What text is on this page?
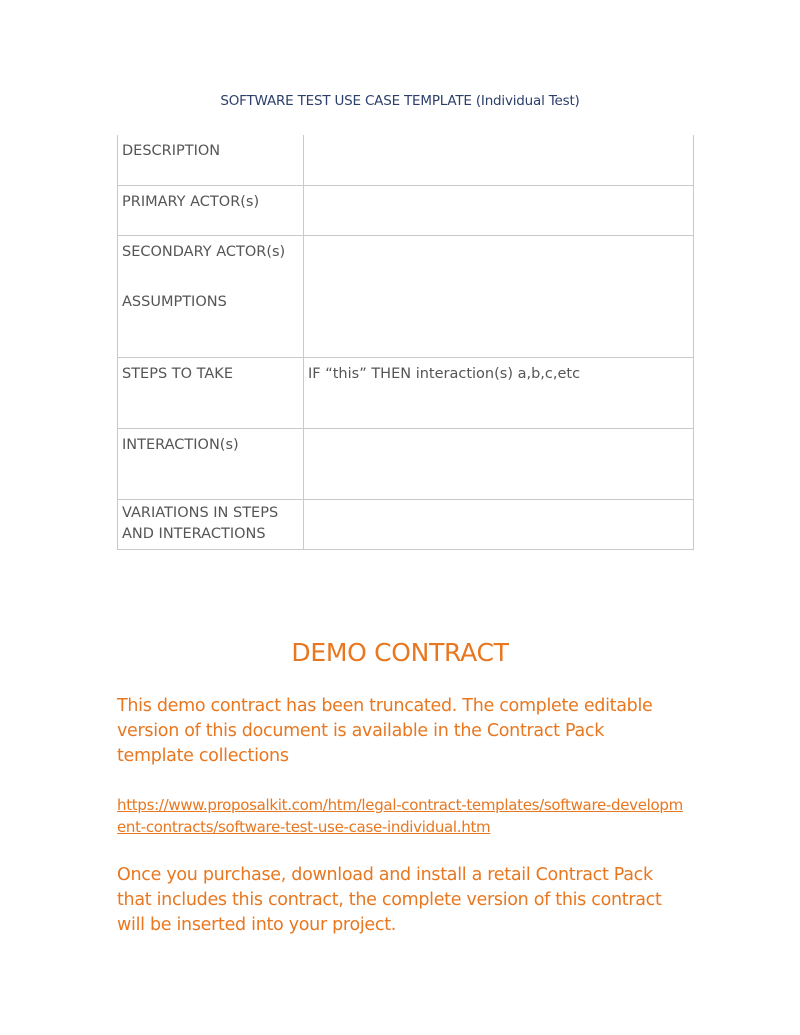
SOFTWARE TEST USE CASE TEMPLATE (Individual Test)
DESCRIPTION	
PRIMARY ACTOR(s)	
SECONDARY ACTOR(s)
ASSUMPTIONS	
STEPS TO TAKE	IF “this” THEN interaction(s) a,b,c,etc
INTERACTION(s)	
VARIATIONS IN STEPS AND INTERACTIONS	
DEMO CONTRACT

This demo contract has been truncated. The complete editable version of this document is available in the Contract Pack template collections

https://www.proposalkit.com/htm/legal-contract-templates/software-development-contracts/software-test-use-case-individual.htm

Once you purchase, download and install a retail Contract Pack that includes this contract, the complete version of this contract will be inserted into your project.
